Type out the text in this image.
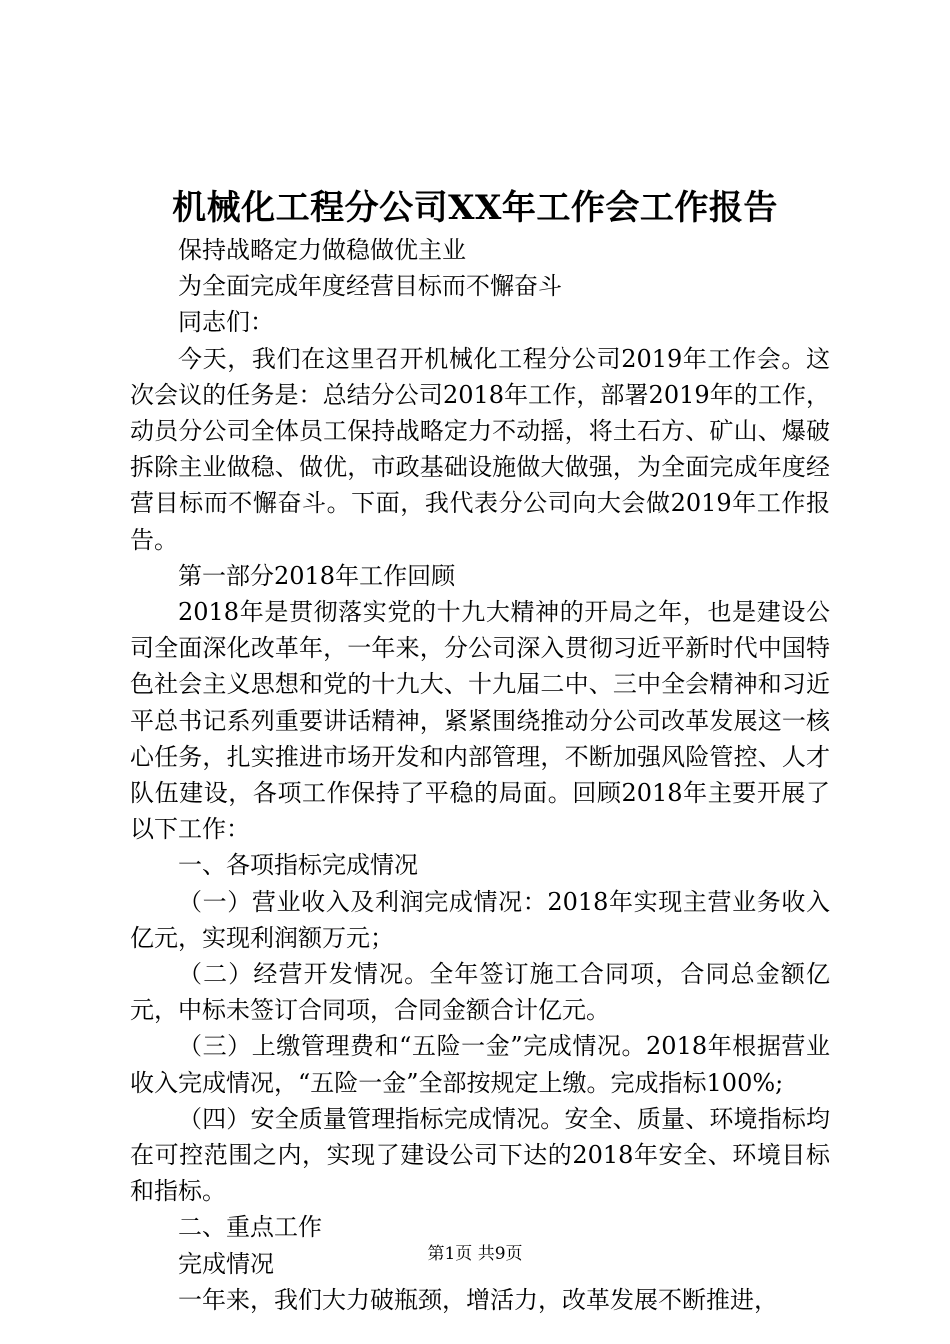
机械化工程分公司XX年工作会工作报告

保持战略定力做稳做优主业

为全面完成年度经营目标而不懈奋斗

同志们：

今天，我们在这里召开机械化工程分公司2019年工作会。这次会议的任务是：总结分公司2018年工作，部署2019年的工作，动员分公司全体员工保持战略定力不动摇，将土石方、矿山、爆破拆除主业做稳、做优，市政基础设施做大做强，为全面完成年度经营目标而不懈奋斗。下面，我代表分公司向大会做2019年工作报告。

第一部分2018年工作回顾

2018年是贯彻落实党的十九大精神的开局之年，也是建设公司全面深化改革年，一年来，分公司深入贯彻习近平新时代中国特色社会主义思想和党的十九大、十九届二中、三中全会精神和习近平总书记系列重要讲话精神，紧紧围绕推动分公司改革发展这一核心任务，扎实推进市场开发和内部管理，不断加强风险管控、人才队伍建设，各项工作保持了平稳的局面。回顾2018年主要开展了以下工作：

一、各项指标完成情况

（一）营业收入及利润完成情况：2018年实现主营业务收入亿元，实现利润额万元；

（二）经营开发情况。全年签订施工合同项，合同总金额亿元，中标未签订合同项，合同金额合计亿元。

（三）上缴管理费和“五险一金”完成情况。2018年根据营业收入完成情况，“五险一金”全部按规定上缴。完成指标100%;

（四）安全质量管理指标完成情况。安全、质量、环境指标均在可控范围之内，实现了建设公司下达的2018年安全、环境目标和指标。

二、重点工作

完成情况

一年来，我们大力破瓶颈，增活力，改革发展不断推进，

第1页 共9页
